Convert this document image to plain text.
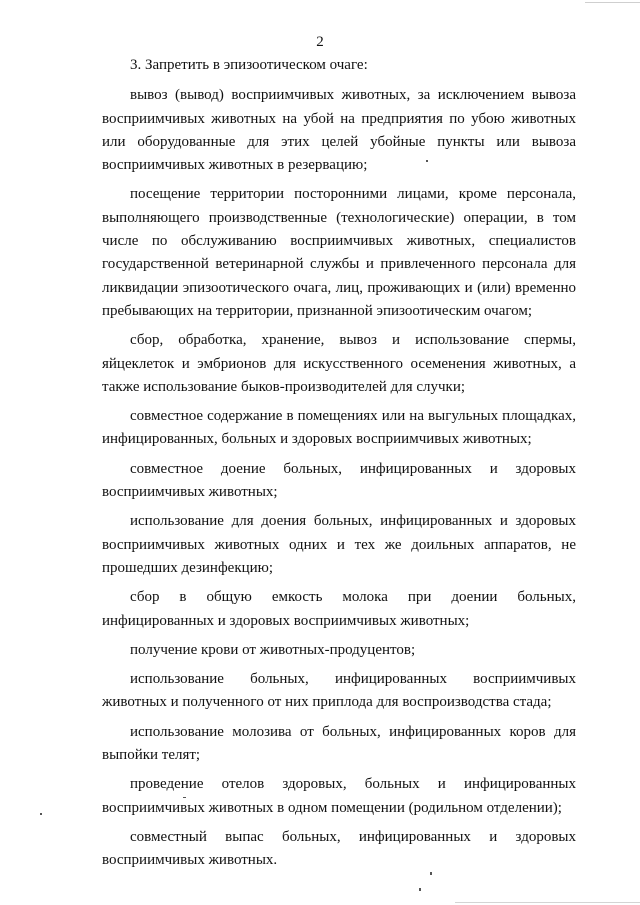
2

3. Запретить в эпизоотическом очаге:

вывоз (вывод) восприимчивых животных, за исключением вывоза восприимчивых животных на убой на предприятия по убою животных или оборудованные для этих целей убойные пункты или вывоза восприимчивых животных в резервацию;

посещение территории посторонними лицами, кроме персонала, выполняющего производственные (технологические) операции, в том числе по обслуживанию восприимчивых животных, специалистов государственной ветеринарной службы и привлеченного персонала для ликвидации эпизоотического очага, лиц, проживающих и (или) временно пребывающих на территории, признанной эпизоотическим очагом;

сбор, обработка, хранение, вывоз и использование спермы, яйцеклеток и эмбрионов для искусственного осеменения животных, а также использование быков-производителей для случки;

совместное содержание в помещениях или на выгульных площадках, инфицированных, больных и здоровых восприимчивых животных;

совместное доение больных, инфицированных и здоровых восприимчивых животных;

использование для доения больных, инфицированных и здоровых восприимчивых животных одних и тех же доильных аппаратов, не прошедших дезинфекцию;

сбор в общую емкость молока при доении больных, инфицированных и здоровых восприимчивых животных;

получение крови от животных-продуцентов;

использование больных, инфицированных восприимчивых животных и полученного от них приплода для воспроизводства стада;

использование молозива от больных, инфицированных коров для выпойки телят;

проведение отелов здоровых, больных и инфицированных восприимчивых животных в одном помещении (родильном отделении);

совместный выпас больных, инфицированных и здоровых восприимчивых животных.
